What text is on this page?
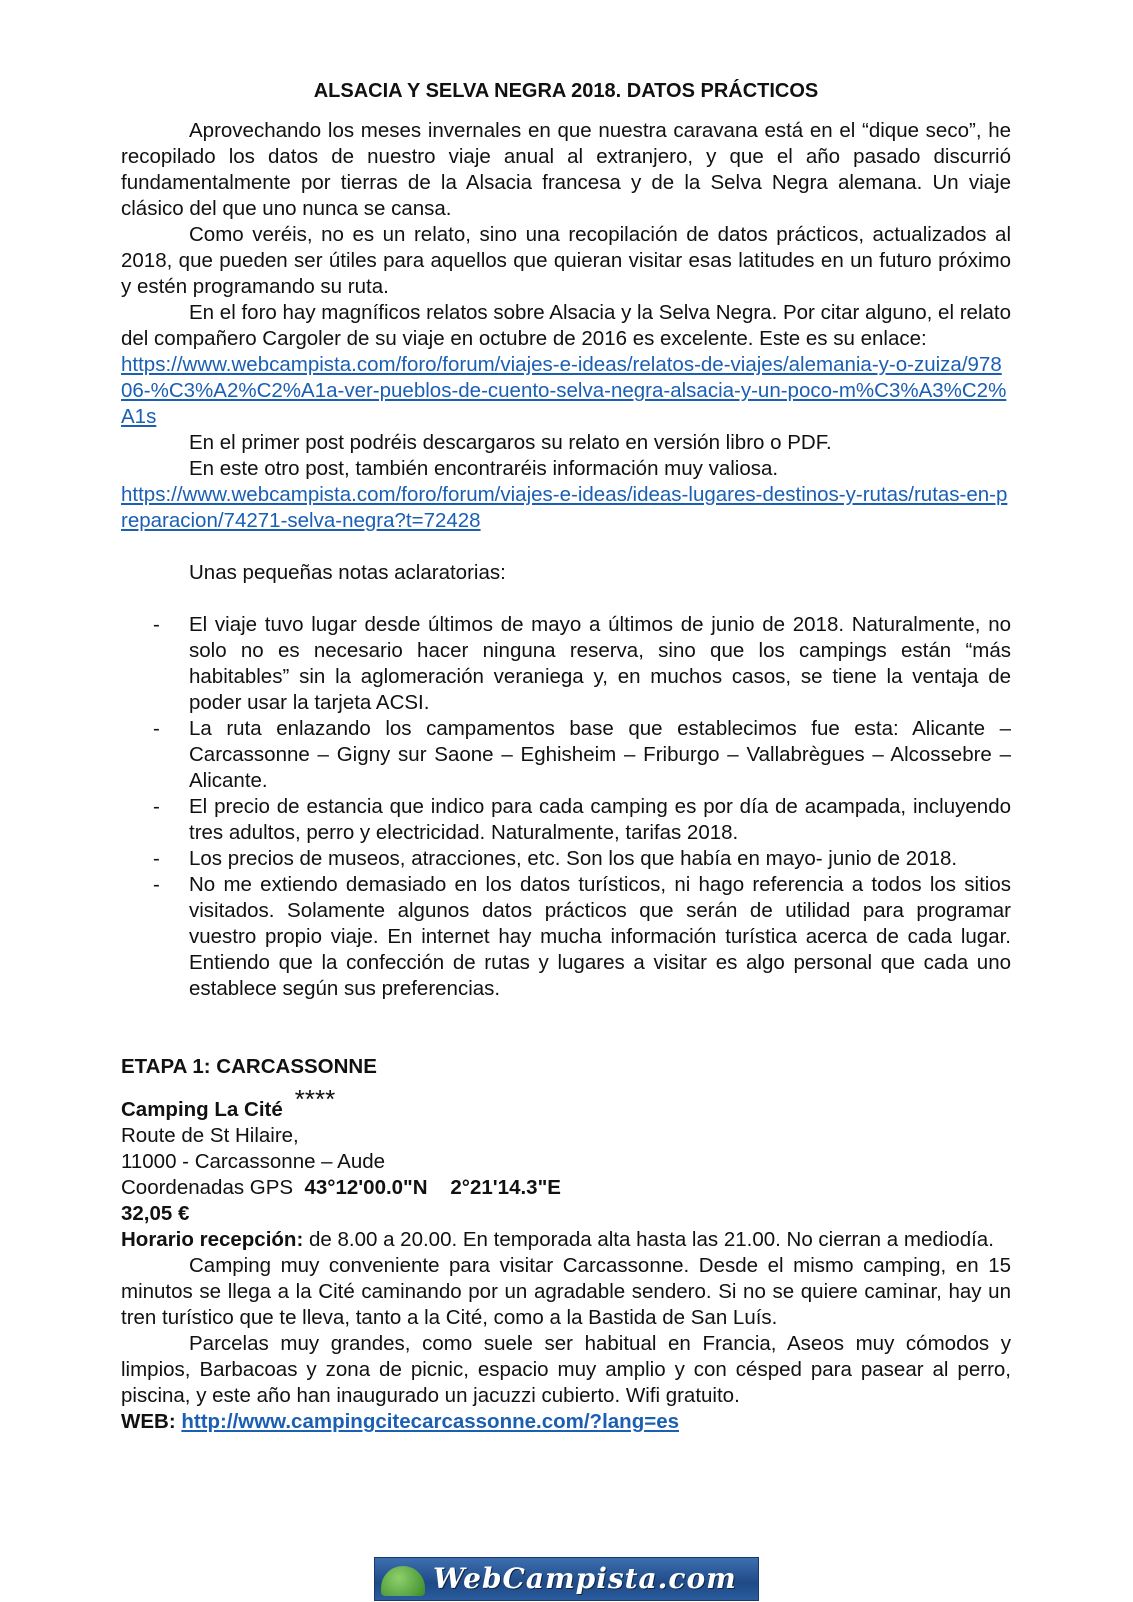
ALSACIA Y SELVA NEGRA 2018. DATOS PRÁCTICOS

Aprovechando los meses invernales en que nuestra caravana está en el “dique seco”, he recopilado los datos de nuestro viaje anual al extranjero, y que el año pasado discurrió fundamentalmente por tierras de la Alsacia francesa y de la Selva Negra alemana. Un viaje clásico del que uno nunca se cansa.

Como veréis, no es un relato, sino una recopilación de datos prácticos, actualizados al 2018, que pueden ser útiles para aquellos que quieran visitar esas latitudes en un futuro próximo y estén programando su ruta.

En el foro hay magníficos relatos sobre Alsacia y la Selva Negra. Por citar alguno, el relato del compañero Cargoler de su viaje en octubre de 2016 es excelente. Este es su enlace:

https://www.webcampista.com/foro/forum/viajes-e-ideas/relatos-de-viajes/alemania-y-o-zuiza/97806-%C3%A2%C2%A1a-ver-pueblos-de-cuento-selva-negra-alsacia-y-un-poco-m%C3%A3%C2%A1s

En el primer post podréis descargaros su relato en versión libro o PDF.

En este otro post, también encontraréis información muy valiosa.

https://www.webcampista.com/foro/forum/viajes-e-ideas/ideas-lugares-destinos-y-rutas/rutas-en-preparacion/74271-selva-negra?t=72428

Unas pequeñas notas aclaratorias:

- El viaje tuvo lugar desde últimos de mayo a últimos de junio de 2018. Naturalmente, no solo no es necesario hacer ninguna reserva, sino que los campings están “más habitables” sin la aglomeración veraniega y, en muchos casos, se tiene la ventaja de poder usar la tarjeta ACSI.
- La ruta enlazando los campamentos base que establecimos fue esta: Alicante – Carcassonne – Gigny sur Saone – Eghisheim – Friburgo – Vallabrègues – Alcossebre – Alicante.
- El precio de estancia que indico para cada camping es por día de acampada, incluyendo tres adultos, perro y electricidad. Naturalmente, tarifas 2018.
- Los precios de museos, atracciones, etc. Son los que había en mayo- junio de 2018.
- No me extiendo demasiado en los datos turísticos, ni hago referencia a todos los sitios visitados. Solamente algunos datos prácticos que serán de utilidad para programar vuestro propio viaje. En internet hay mucha información turística acerca de cada lugar. Entiendo que la confección de rutas y lugares a visitar es algo personal que cada uno establece según sus preferencias.

ETAPA 1: CARCASSONNE

Camping La Cité ****

Route de St Hilaire,

11000 - Carcassonne – Aude

Coordenadas GPS 43°12'00.0"N 2°21'14.3"E

32,05 €

Horario recepción: de 8.00 a 20.00. En temporada alta hasta las 21.00. No cierran a mediodía.

Camping muy conveniente para visitar Carcassonne. Desde el mismo camping, en 15 minutos se llega a la Cité caminando por un agradable sendero. Si no se quiere caminar, hay un tren turístico que te lleva, tanto a la Cité, como a la Bastida de San Luís.

Parcelas muy grandes, como suele ser habitual en Francia, Aseos muy cómodos y limpios, Barbacoas y zona de picnic, espacio muy amplio y con césped para pasear al perro, piscina, y este año han inaugurado un jacuzzi cubierto. Wifi gratuito.

WEB: http://www.campingcitecarcassonne.com/?lang=es

WebCampista.com
